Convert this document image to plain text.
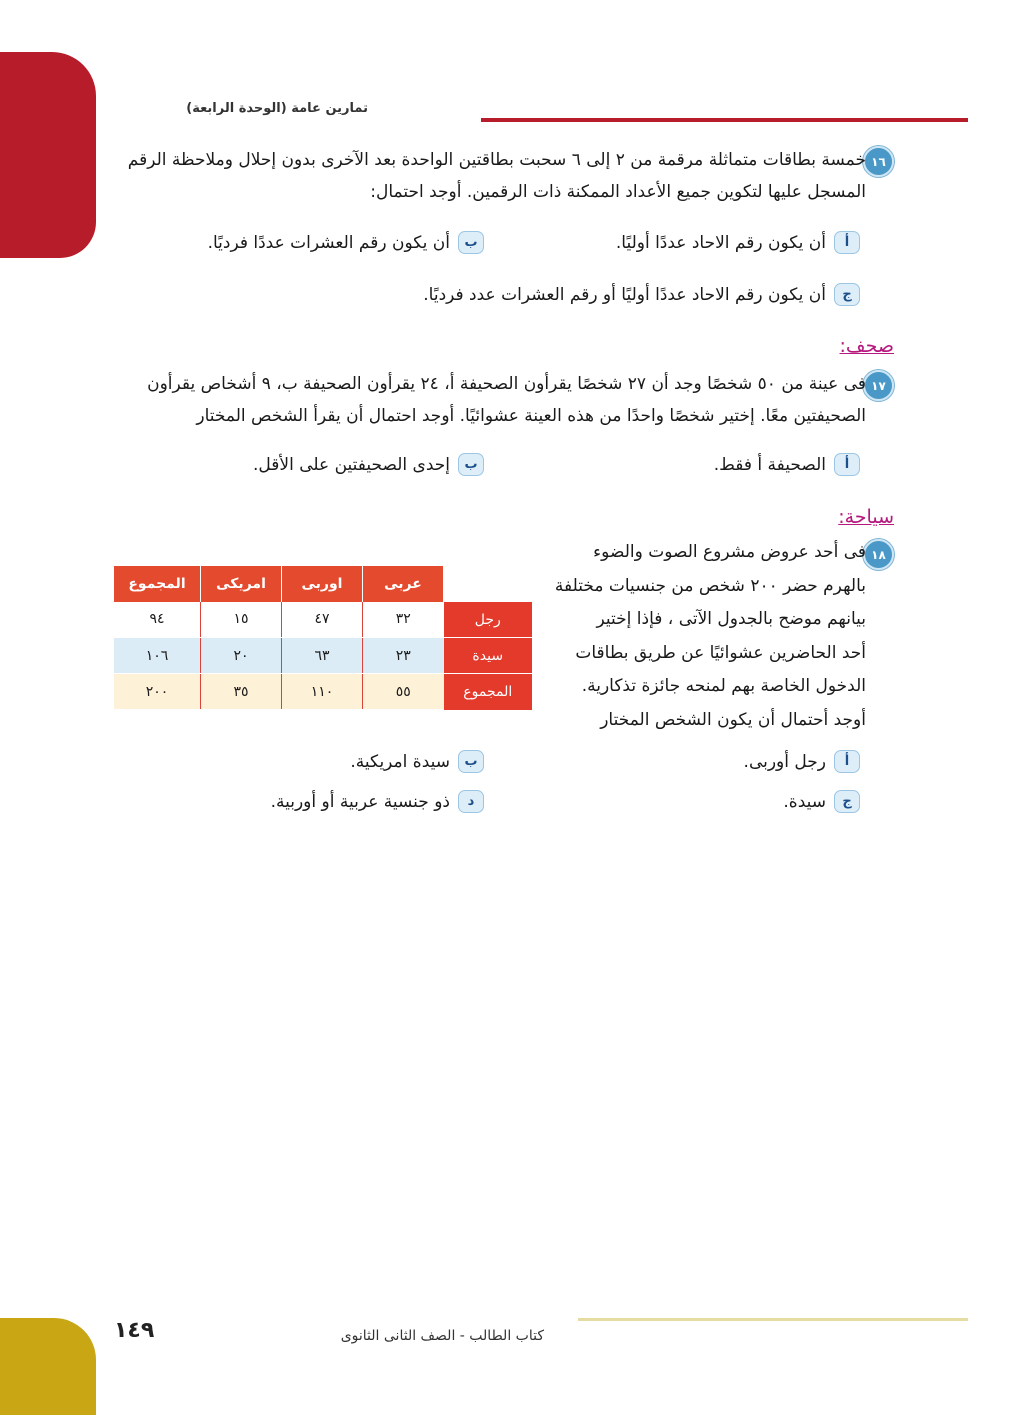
تمارين عامة (الوحدة الرابعة)
١٦
خمسة بطاقات متماثلة مرقمة من ٢ إلى ٦ سحبت بطاقتين الواحدة بعد الآخرى بدون إحلال وملاحظة الرقم
المسجل عليها لتكوين جميع الأعداد الممكنة ذات الرقمين. أوجد احتمال:
أ
أن يكون رقم الاحاد عددًا أوليًا.
ب
أن يكون رقم العشرات عددًا فرديًا.
ج
أن يكون رقم الاحاد عددًا أوليًا أو رقم العشرات عدد فرديًا.
صحف:
١٧
فى عينة من ٥٠ شخصًا وجد أن ٢٧ شخصًا يقرأون الصحيفة أ، ٢٤ يقرأون الصحيفة ب، ٩ أشخاص يقرأون
الصحيفتين معًا. إختير شخصًا واحدًا من هذه العينة عشوائيًا. أوجد احتمال أن يقرأ الشخص المختار
أ
الصحيفة أ فقط.
ب
إحدى الصحيفتين على الأقل.
سياحة:
١٨
فى أحد عروض مشروع الصوت والضوء
بالهرم حضر ٢٠٠ شخص من جنسيات مختلفة
بيانهم موضح بالجدول الآتى ، فإذا إختير
أحد الحاضرين عشوائيًا عن طريق بطاقات
الدخول الخاصة بهم لمنحه جائزة تذكارية.
أوجد أحتمال أن يكون الشخص المختار
	عربى	اوربى	امريكى	المجموع
رجل	٣٢	٤٧	١٥	٩٤
سيدة	٢٣	٦٣	٢٠	١٠٦
المجموع	٥٥	١١٠	٣٥	٢٠٠
أ
رجل أوربى.
ب
سيدة امريكية.
ج
سيدة.
د
ذو جنسية عربية أو أوربية.
كتاب الطالب - الصف الثانى الثانوى
١٤٩
